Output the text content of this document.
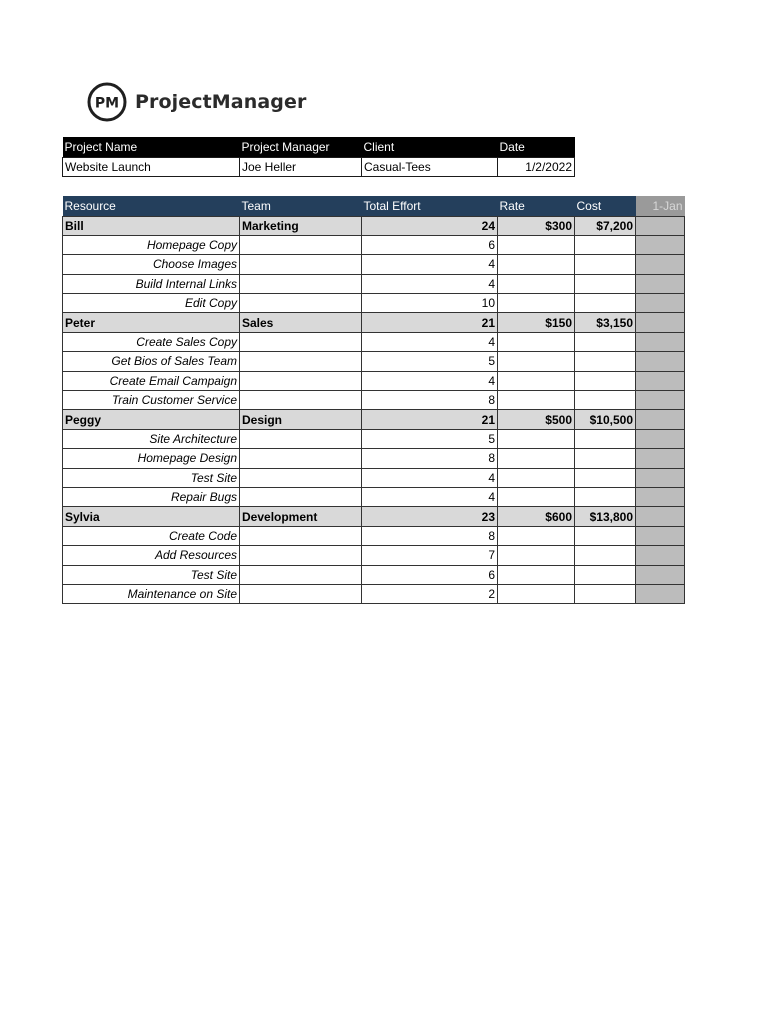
PM ProjectManager
Project Name	Project Manager	Client	Date
Website Launch	Joe Heller	Casual-Tees	1/2/2022
Resource	Team	Total Effort	Rate	Cost	1-Jan
Bill	Marketing	24	$300	$7,200	
Homepage Copy		6			
Choose Images		4			
Build Internal Links		4			
Edit Copy		10			
Peter	Sales	21	$150	$3,150	
Create Sales Copy		4			
Get Bios of Sales Team		5			
Create Email Campaign		4			
Train Customer Service		8			
Peggy	Design	21	$500	$10,500	
Site Architecture		5			
Homepage Design		8			
Test Site		4			
Repair Bugs		4			
Sylvia	Development	23	$600	$13,800	
Create Code		8			
Add Resources		7			
Test Site		6			
Maintenance on Site		2			
